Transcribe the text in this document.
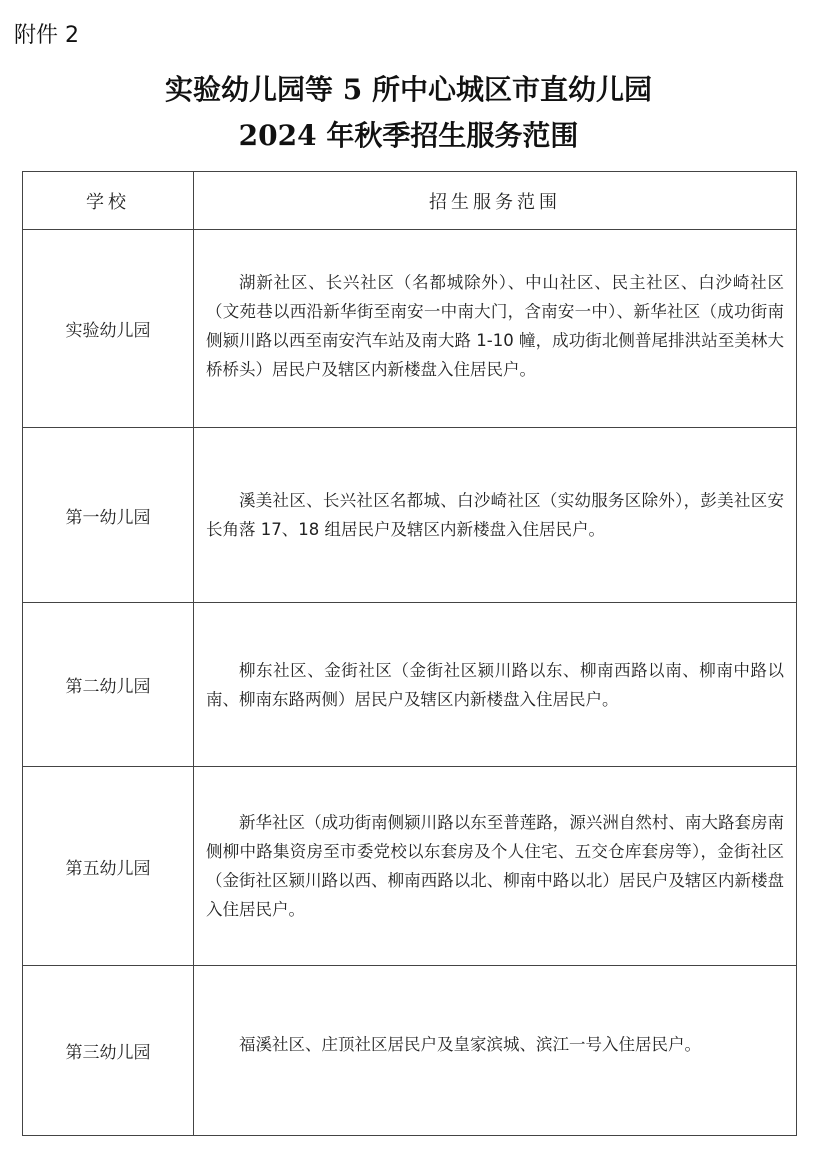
附件 2
实验幼儿园等 5 所中心城区市直幼儿园
2024 年秋季招生服务范围
学校	招生服务范围
实验幼儿园	湖新社区、长兴社区（名都城除外）、中山社区、民主社区、白沙崎社区（文苑巷以西沿新华街至南安一中南大门，含南安一中）、新华社区（成功街南侧颍川路以西至南安汽车站及南大路 1-10 幢，成功街北侧普尾排洪站至美林大桥桥头）居民户及辖区内新楼盘入住居民户。

第一幼儿园	溪美社区、长兴社区名都城、白沙崎社区（实幼服务区除外），彭美社区安长角落 17、18 组居民户及辖区内新楼盘入住居民户。

第二幼儿园	柳东社区、金街社区（金街社区颍川路以东、柳南西路以南、柳南中路以南、柳南东路两侧）居民户及辖区内新楼盘入住居民户。

第五幼儿园	新华社区（成功街南侧颍川路以东至普莲路，源兴洲自然村、南大路套房南侧柳中路集资房至市委党校以东套房及个人住宅、五交仓库套房等），金街社区（金街社区颍川路以西、柳南西路以北、柳南中路以北）居民户及辖区内新楼盘入住居民户。

第三幼儿园	福溪社区、庄顶社区居民户及皇家滨城、滨江一号入住居民户。
